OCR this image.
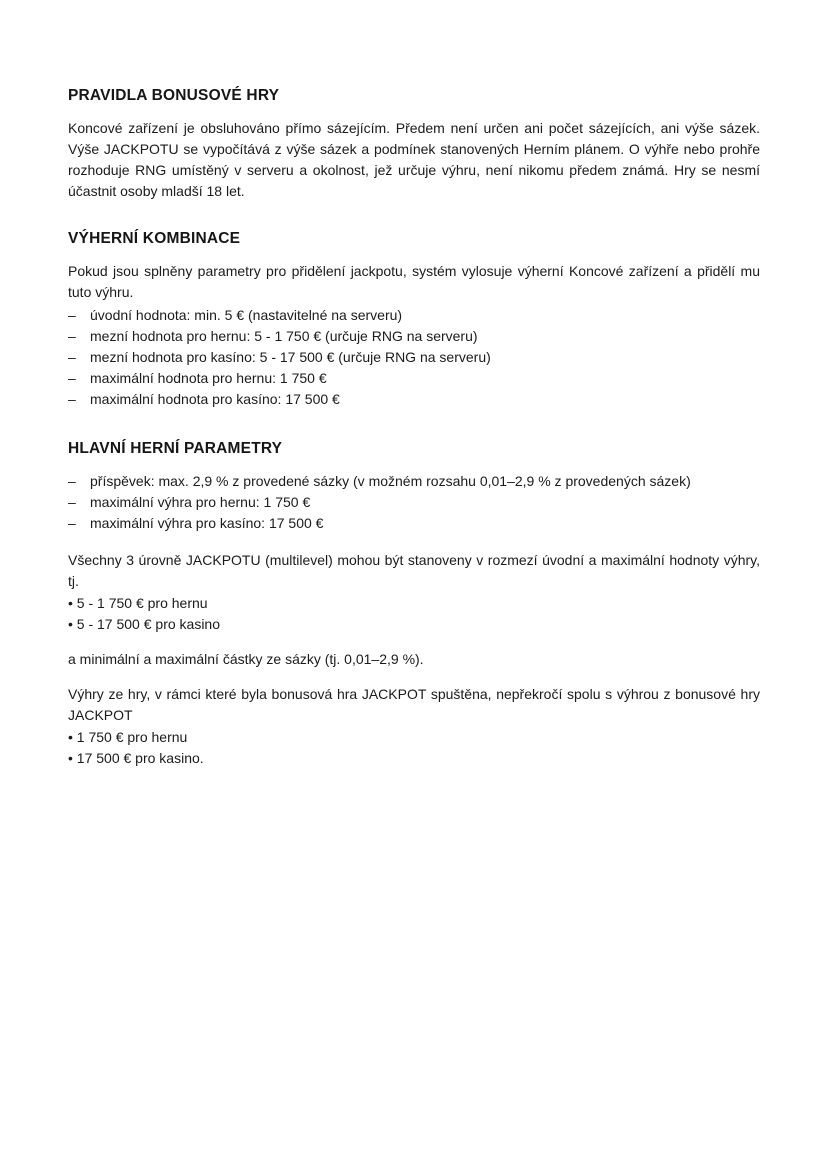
PRAVIDLA BONUSOVÉ HRY

Koncové zařízení je obsluhováno přímo sázejícím. Předem není určen ani počet sázejících, ani výše sázek. Výše JACKPOTU se vypočítává z výše sázek a podmínek stanovených Herním plánem. O výhře nebo prohře rozhoduje RNG umístěný v serveru a okolnost, jež určuje výhru, není nikomu předem známá. Hry se nesmí účastnit osoby mladší 18 let.

VÝHERNÍ KOMBINACE

Pokud jsou splněny parametry pro přidělení jackpotu, systém vylosuje výherní Koncové zařízení a přidělí mu tuto výhru.

– úvodní hodnota: min. 5 € (nastavitelné na serveru)
– mezní hodnota pro hernu: 5 - 1 750 € (určuje RNG na serveru)
– mezní hodnota pro kasíno: 5 - 17 500 € (určuje RNG na serveru)
– maximální hodnota pro hernu: 1 750 €
– maximální hodnota pro kasíno: 17 500 €
HLAVNÍ HERNÍ PARAMETRY
– příspěvek: max. 2,9 % z provedené sázky (v možném rozsahu 0,01–2,9 % z provedených sázek)
– maximální výhra pro hernu: 1 750 €
– maximální výhra pro kasíno: 17 500 €

Všechny 3 úrovně JACKPOTU (multilevel) mohou být stanoveny v rozmezí úvodní a maximální hodnoty výhry, tj.

• 5 - 1 750 € pro hernu
• 5 - 17 500 € pro kasino

a minimální a maximální částky ze sázky (tj. 0,01–2,9 %).

Výhry ze hry, v rámci které byla bonusová hra JACKPOT spuštěna, nepřekročí spolu s výhrou z bonusové hry JACKPOT

• 1 750 € pro hernu
• 17 500 € pro kasino.
